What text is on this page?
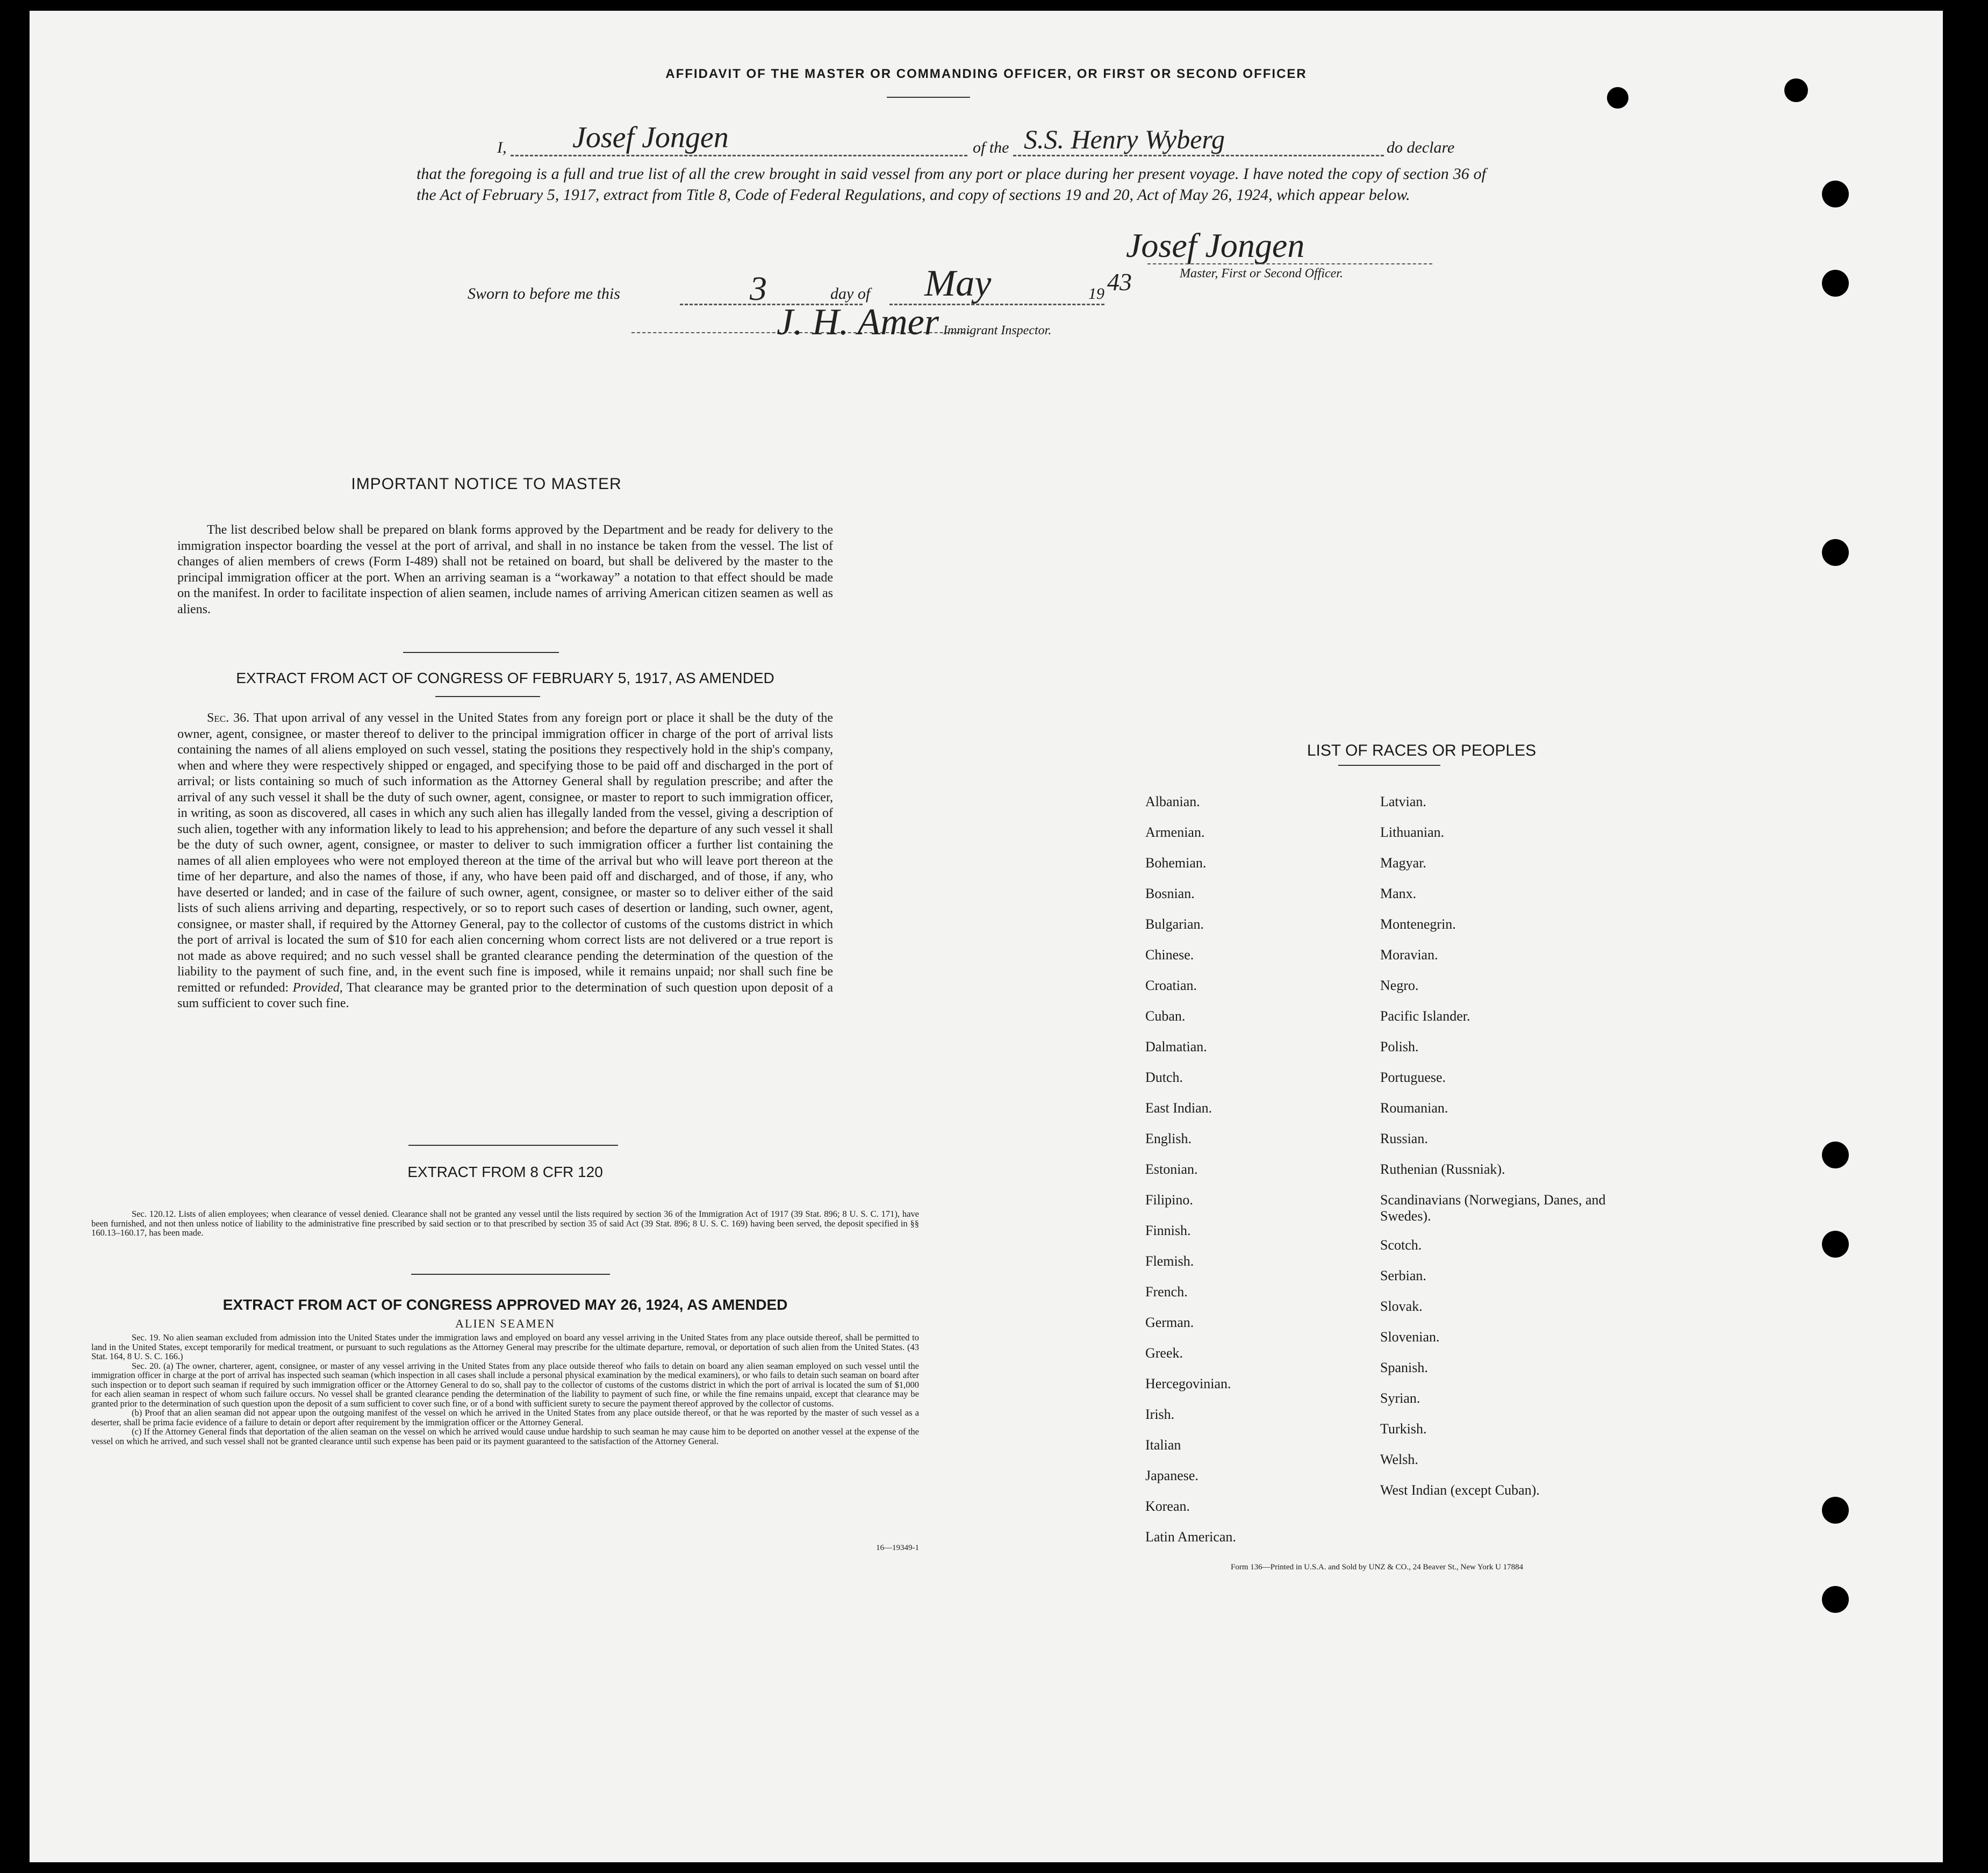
AFFIDAVIT OF THE MASTER OR COMMANDING OFFICER, OR FIRST OR SECOND OFFICER
I, Josef Jongen	of the S.S. Henry Wyberg	do declare
that the foregoing is a full and true list of all the crew brought in said vessel from any port or place during her present voyage. I have noted the copy of section 36 of the Act of February 5, 1917, extract from Title 8, Code of Federal Regulations, and copy of sections 19 and 20, Act of May 26, 1924, which appear below.
Josef Jongen
Master, First or Second Officer.
Sworn to before me this	3	day of May	19 43
J. H. Amer Immigrant Inspector.
IMPORTANT NOTICE TO MASTER
The list described below shall be prepared on blank forms approved by the Department and be ready for delivery to the immigration inspector boarding the vessel at the port of arrival, and shall in no instance be taken from the vessel. The list of changes of alien members of crews (Form I-489) shall not be retained on board, but shall be delivered by the master to the principal immigration officer at the port. When an arriving seaman is a “workaway” a notation to that effect should be made on the manifest. In order to facilitate inspection of alien seamen, include names of arriving American citizen seamen as well as aliens.
EXTRACT FROM ACT OF CONGRESS OF FEBRUARY 5, 1917, AS AMENDED
Sec. 36. That upon arrival of any vessel in the United States from any foreign port or place it shall be the duty of the owner, agent, consignee, or master thereof to deliver to the principal immigration officer in charge of the port of arrival lists containing the names of all aliens employed on such vessel, stating the positions they respectively hold in the ship's company, when and where they were respectively shipped or engaged, and specifying those to be paid off and discharged in the port of arrival; or lists containing so much of such information as the Attorney General shall by regulation prescribe; and after the arrival of any such vessel it shall be the duty of such owner, agent, consignee, or master to report to such immigration officer, in writing, as soon as discovered, all cases in which any such alien has illegally landed from the vessel, giving a description of such alien, together with any information likely to lead to his apprehension; and before the departure of any such vessel it shall be the duty of such owner, agent, consignee, or master to deliver to such immigration officer a further list containing the names of all alien employees who were not employed thereon at the time of the arrival but who will leave port thereon at the time of her departure, and also the names of those, if any, who have been paid off and discharged, and of those, if any, who have deserted or landed; and in case of the failure of such owner, agent, consignee, or master so to deliver either of the said lists of such aliens arriving and departing, respectively, or so to report such cases of desertion or landing, such owner, agent, consignee, or master shall, if required by the Attorney General, pay to the collector of customs of the customs district in which the port of arrival is located the sum of $10 for each alien concerning whom correct lists are not delivered or a true report is not made as above required; and no such vessel shall be granted clearance pending the determination of the question of the liability to the payment of such fine, and, in the event such fine is imposed, while it remains unpaid; nor shall such fine be remitted or refunded: Provided, That clearance may be granted prior to the determination of such question upon deposit of a sum sufficient to cover such fine.
EXTRACT FROM 8 CFR 120
Sec. 120.12. Lists of alien employees; when clearance of vessel denied. Clearance shall not be granted any vessel until the lists required by section 36 of the Immigration Act of 1917 (39 Stat. 896; 8 U. S. C. 171), have been furnished, and not then unless notice of liability to the administrative fine prescribed by said section or to that prescribed by section 35 of said Act (39 Stat. 896; 8 U. S. C. 169) having been served, the deposit specified in §§ 160.13–160.17, has been made.
EXTRACT FROM ACT OF CONGRESS APPROVED MAY 26, 1924, AS AMENDED
ALIEN SEAMEN
Sec. 19. No alien seaman excluded from admission into the United States under the immigration laws and employed on board any vessel arriving in the United States from any place outside thereof, shall be permitted to land in the United States, except temporarily for medical treatment, or pursuant to such regulations as the Attorney General may prescribe for the ultimate departure, removal, or deportation of such alien from the United States. (43 Stat. 164, 8 U. S. C. 166.)
Sec. 20. (a) The owner, charterer, agent, consignee, or master of any vessel arriving in the United States from any place outside thereof who fails to detain on board any alien seaman employed on such vessel until the immigration officer in charge at the port of arrival has inspected such seaman (which inspection in all cases shall include a personal physical examination by the medical examiners), or who fails to detain such seaman on board after such inspection or to deport such seaman if required by such immigration officer or the Attorney General to do so, shall pay to the collector of customs of the customs district in which the port of arrival is located the sum of $1,000 for each alien seaman in respect of whom such failure occurs. No vessel shall be granted clearance pending the determination of the liability to payment of such fine, or while the fine remains unpaid, except that clearance may be granted prior to the determination of such question upon the deposit of a sum sufficient to cover such fine, or of a bond with sufficient surety to secure the payment thereof approved by the collector of customs.
(b) Proof that an alien seaman did not appear upon the outgoing manifest of the vessel on which he arrived in the United States from any place outside thereof, or that he was reported by the master of such vessel as a deserter, shall be prima facie evidence of a failure to detain or deport after requirement by the immigration officer or the Attorney General.
(c) If the Attorney General finds that deportation of the alien seaman on the vessel on which he arrived would cause undue hardship to such seaman he may cause him to be deported on another vessel at the expense of the vessel on which he arrived, and such vessel shall not be granted clearance until such expense has been paid or its payment guaranteed to the satisfaction of the Attorney General.
16—19349-1
LIST OF RACES OR PEOPLES
Form 136—Printed in U.S.A. and Sold by UNZ & CO., 24 Beaver St., New York U 17884
Albanian.
Armenian.
Bohemian.
Bosnian.
Bulgarian.
Chinese.
Croatian.
Cuban.
Dalmatian.
Dutch.
East Indian.
English.
Estonian.
Filipino.
Finnish.
Flemish.
French.
German.
Greek.
Hercegovinian.
Irish.
Italian
Japanese.
Korean.
Latin American.
Latvian.
Lithuanian.
Magyar.
Manx.
Montenegrin.
Moravian.
Negro.
Pacific Islander.
Polish.
Portuguese.
Roumanian.
Russian.
Ruthenian (Russniak).
Scandinavians (Norwegians, Danes, and Swedes).
Scotch.
Serbian.
Slovak.
Slovenian.
Spanish.
Syrian.
Turkish.
Welsh.
West Indian (except Cuban).
